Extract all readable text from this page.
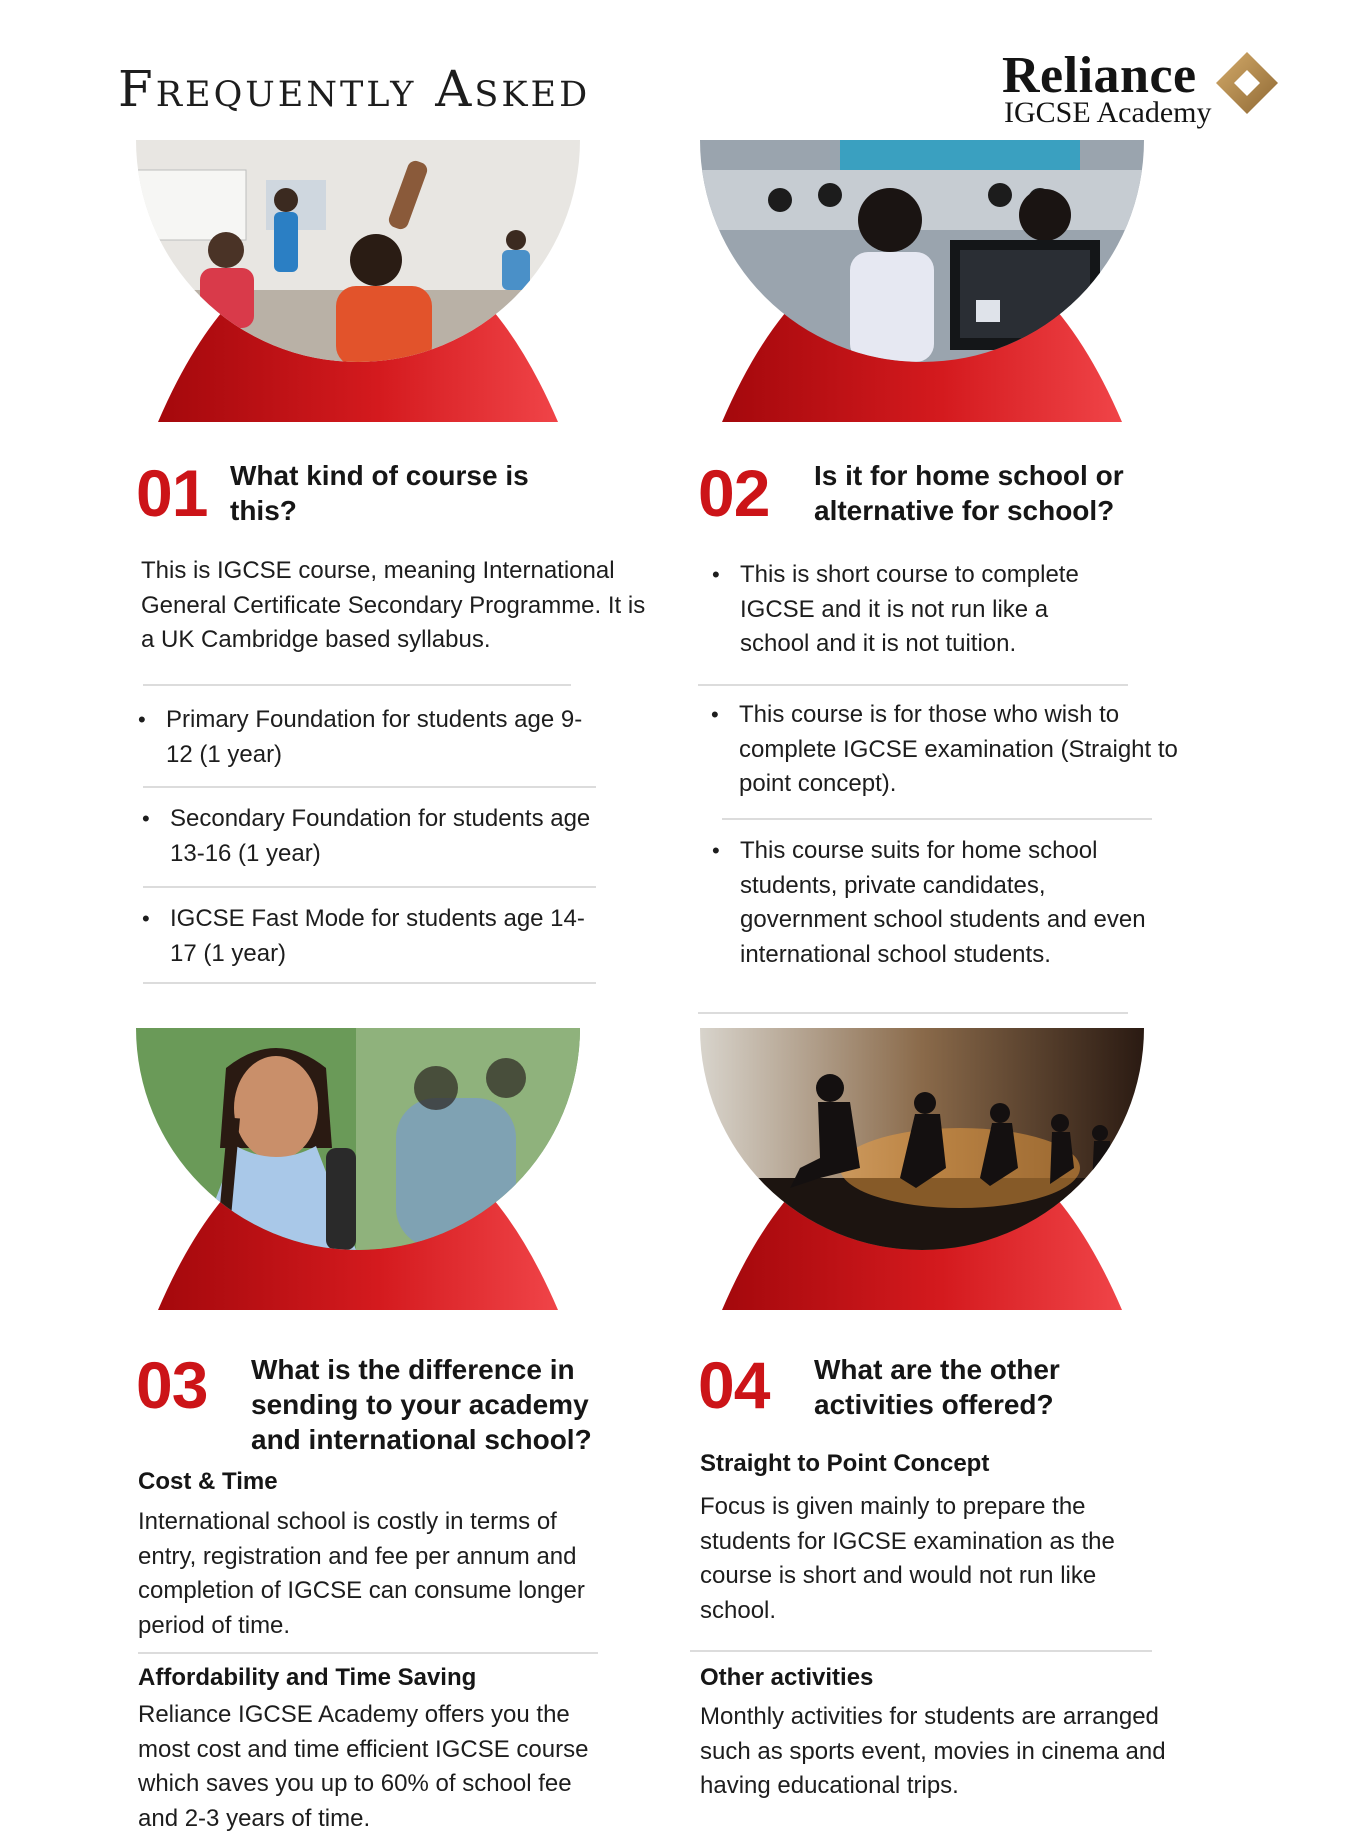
Frequently Asked	Reliance
IGCSE Academy
01 What kind of course is this?
This is IGCSE course, meaning International General Certificate Secondary Programme. It is a UK Cambridge based syllabus.
• Primary Foundation for students age 9-12 (1 year)
• Secondary Foundation for students age 13-16 (1 year)
• IGCSE Fast Mode for students age 14-17 (1 year)
02 Is it for home school or alternative for school?
• This is short course to complete IGCSE and it is not run like a school and it is not tuition.
• This course is for those who wish to complete IGCSE examination (Straight to point concept).
• This course suits for home school students, private candidates, government school students and even international school students.
03 What is the difference in sending to your academy and international school?
Cost & Time
International school is costly in terms of entry, registration and fee per annum and completion of IGCSE can consume longer period of time.
Affordability and Time Saving
Reliance IGCSE Academy offers you the most cost and time efficient IGCSE course which saves you up to 60% of school fee and 2-3 years of time.
04 What are the other activities offered?
Straight to Point Concept
Focus is given mainly to prepare the students for IGCSE examination as the course is short and would not run like school.
Other activities
Monthly activities for students are arranged such as sports event, movies in cinema and having educational trips.
